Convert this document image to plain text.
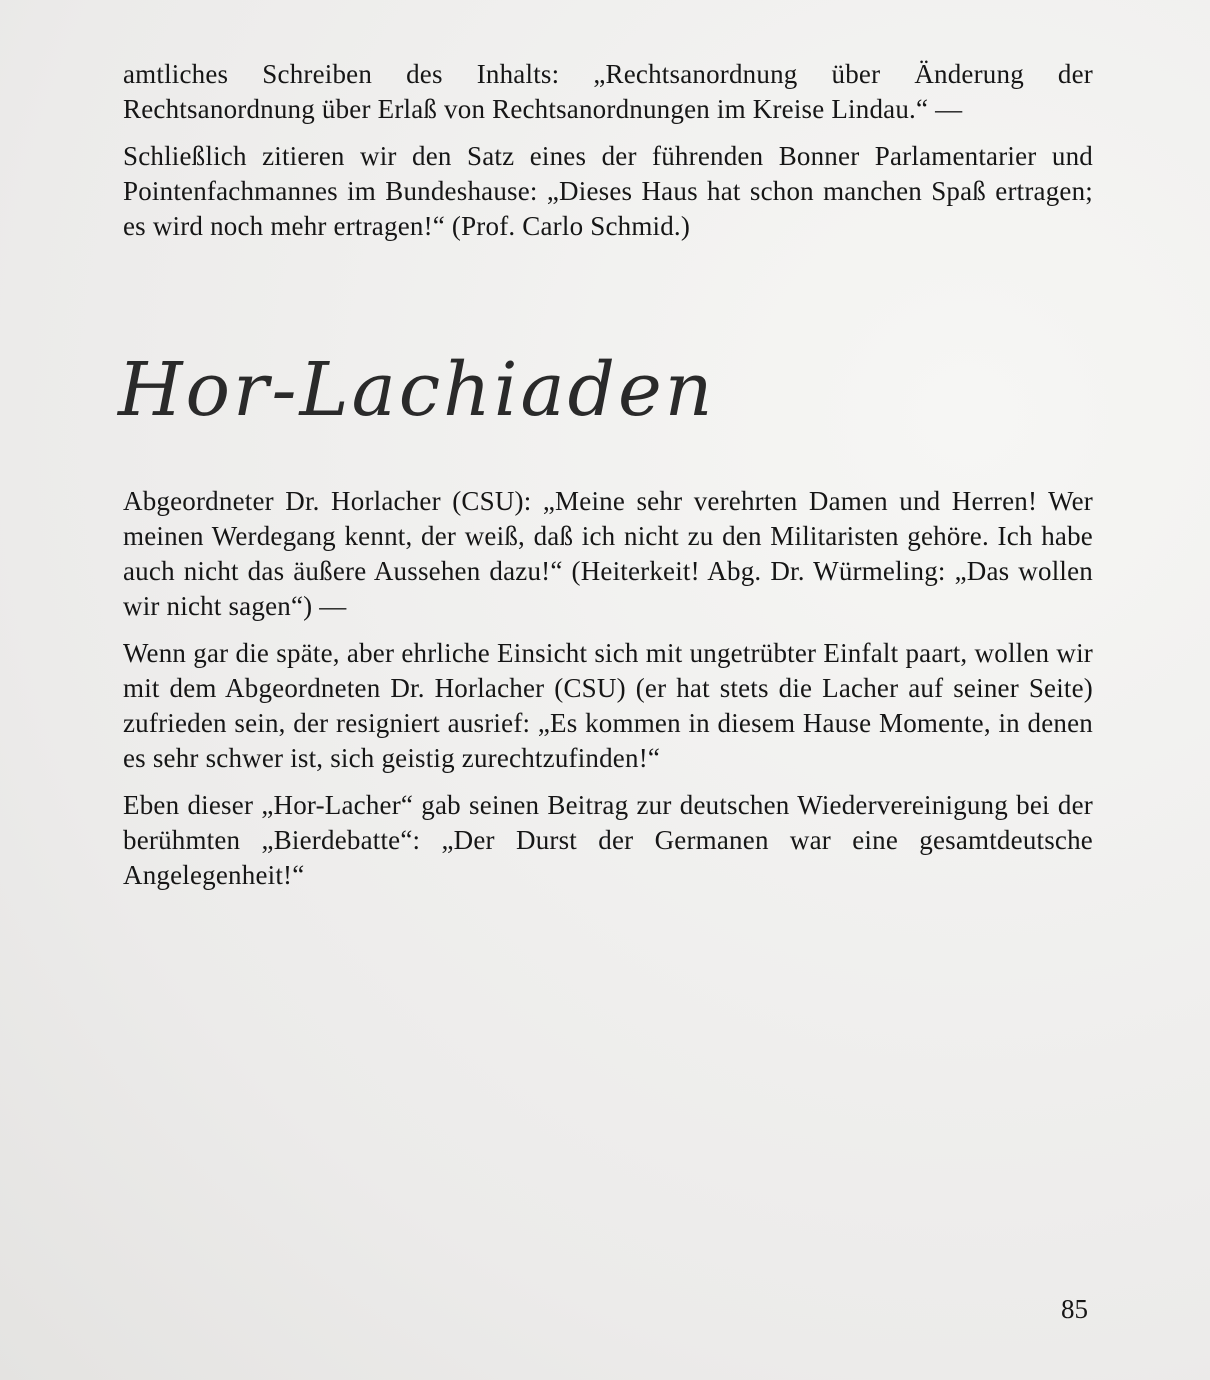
amtliches Schreiben des Inhalts: „Rechtsanordnung über Änderung der Rechtsanordnung über Erlaß von Rechtsanordnungen im Kreise Lindau.“ —

Schließlich zitieren wir den Satz eines der führenden Bonner Parlamentarier und Pointenfachmannes im Bundeshause: „Dieses Haus hat schon manchen Spaß ertragen; es wird noch mehr ertragen!“ (Prof. Carlo Schmid.)

Hor-Lachiaden

Abgeordneter Dr. Horlacher (CSU): „Meine sehr verehrten Damen und Herren! Wer meinen Werdegang kennt, der weiß, daß ich nicht zu den Militaristen gehöre. Ich habe auch nicht das äußere Aussehen dazu!“ (Heiterkeit! Abg. Dr. Würmeling: „Das wollen wir nicht sagen“) —

Wenn gar die späte, aber ehrliche Einsicht sich mit ungetrübter Einfalt paart, wollen wir mit dem Abgeordneten Dr. Horlacher (CSU) (er hat stets die Lacher auf seiner Seite) zufrieden sein, der resigniert ausrief: „Es kommen in diesem Hause Momente, in denen es sehr schwer ist, sich geistig zurechtzufinden!“

Eben dieser „Hor-Lacher“ gab seinen Beitrag zur deutschen Wiedervereinigung bei der berühmten „Bierdebatte“: „Der Durst der Germanen war eine gesamtdeutsche Angelegenheit!“

85
